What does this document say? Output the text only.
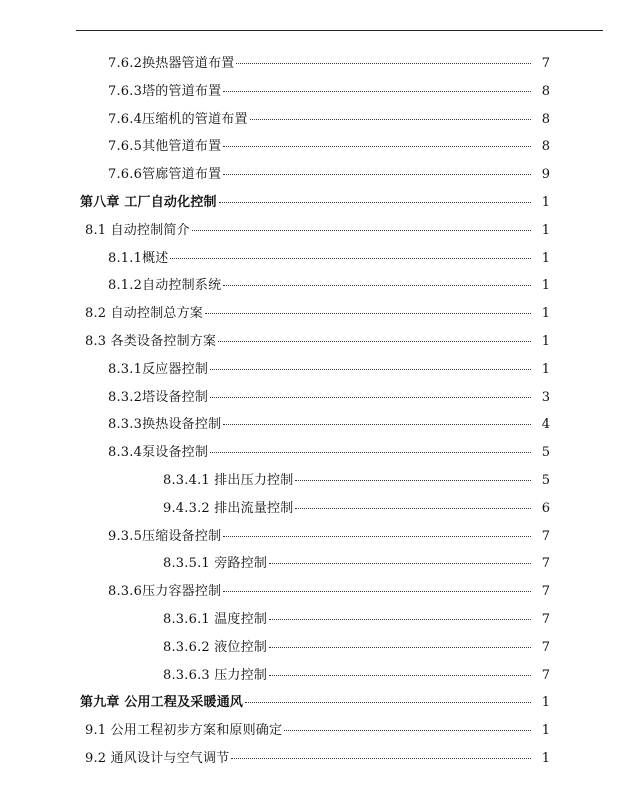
7.6.2换热器管道布置	7
7.6.3塔的管道布置	8
7.6.4压缩机的管道布置	8
7.6.5其他管道布置	8
7.6.6管廊管道布置	9
第八章 工厂自动化控制	1
8.1 自动控制简介	1
8.1.1概述	1
8.1.2自动控制系统	1
8.2 自动控制总方案	1
8.3 各类设备控制方案	1
8.3.1反应器控制	1
8.3.2塔设备控制	3
8.3.3换热设备控制	4
8.3.4泵设备控制	5
8.3.4.1 排出压力控制	5
9.4.3.2 排出流量控制	6
9.3.5压缩设备控制	7
8.3.5.1 旁路控制	7
8.3.6压力容器控制	7
8.3.6.1 温度控制	7
8.3.6.2 液位控制	7
8.3.6.3 压力控制	7
第九章 公用工程及采暖通风	1
9.1 公用工程初步方案和原则确定	1
9.2 通风设计与空气调节	1
